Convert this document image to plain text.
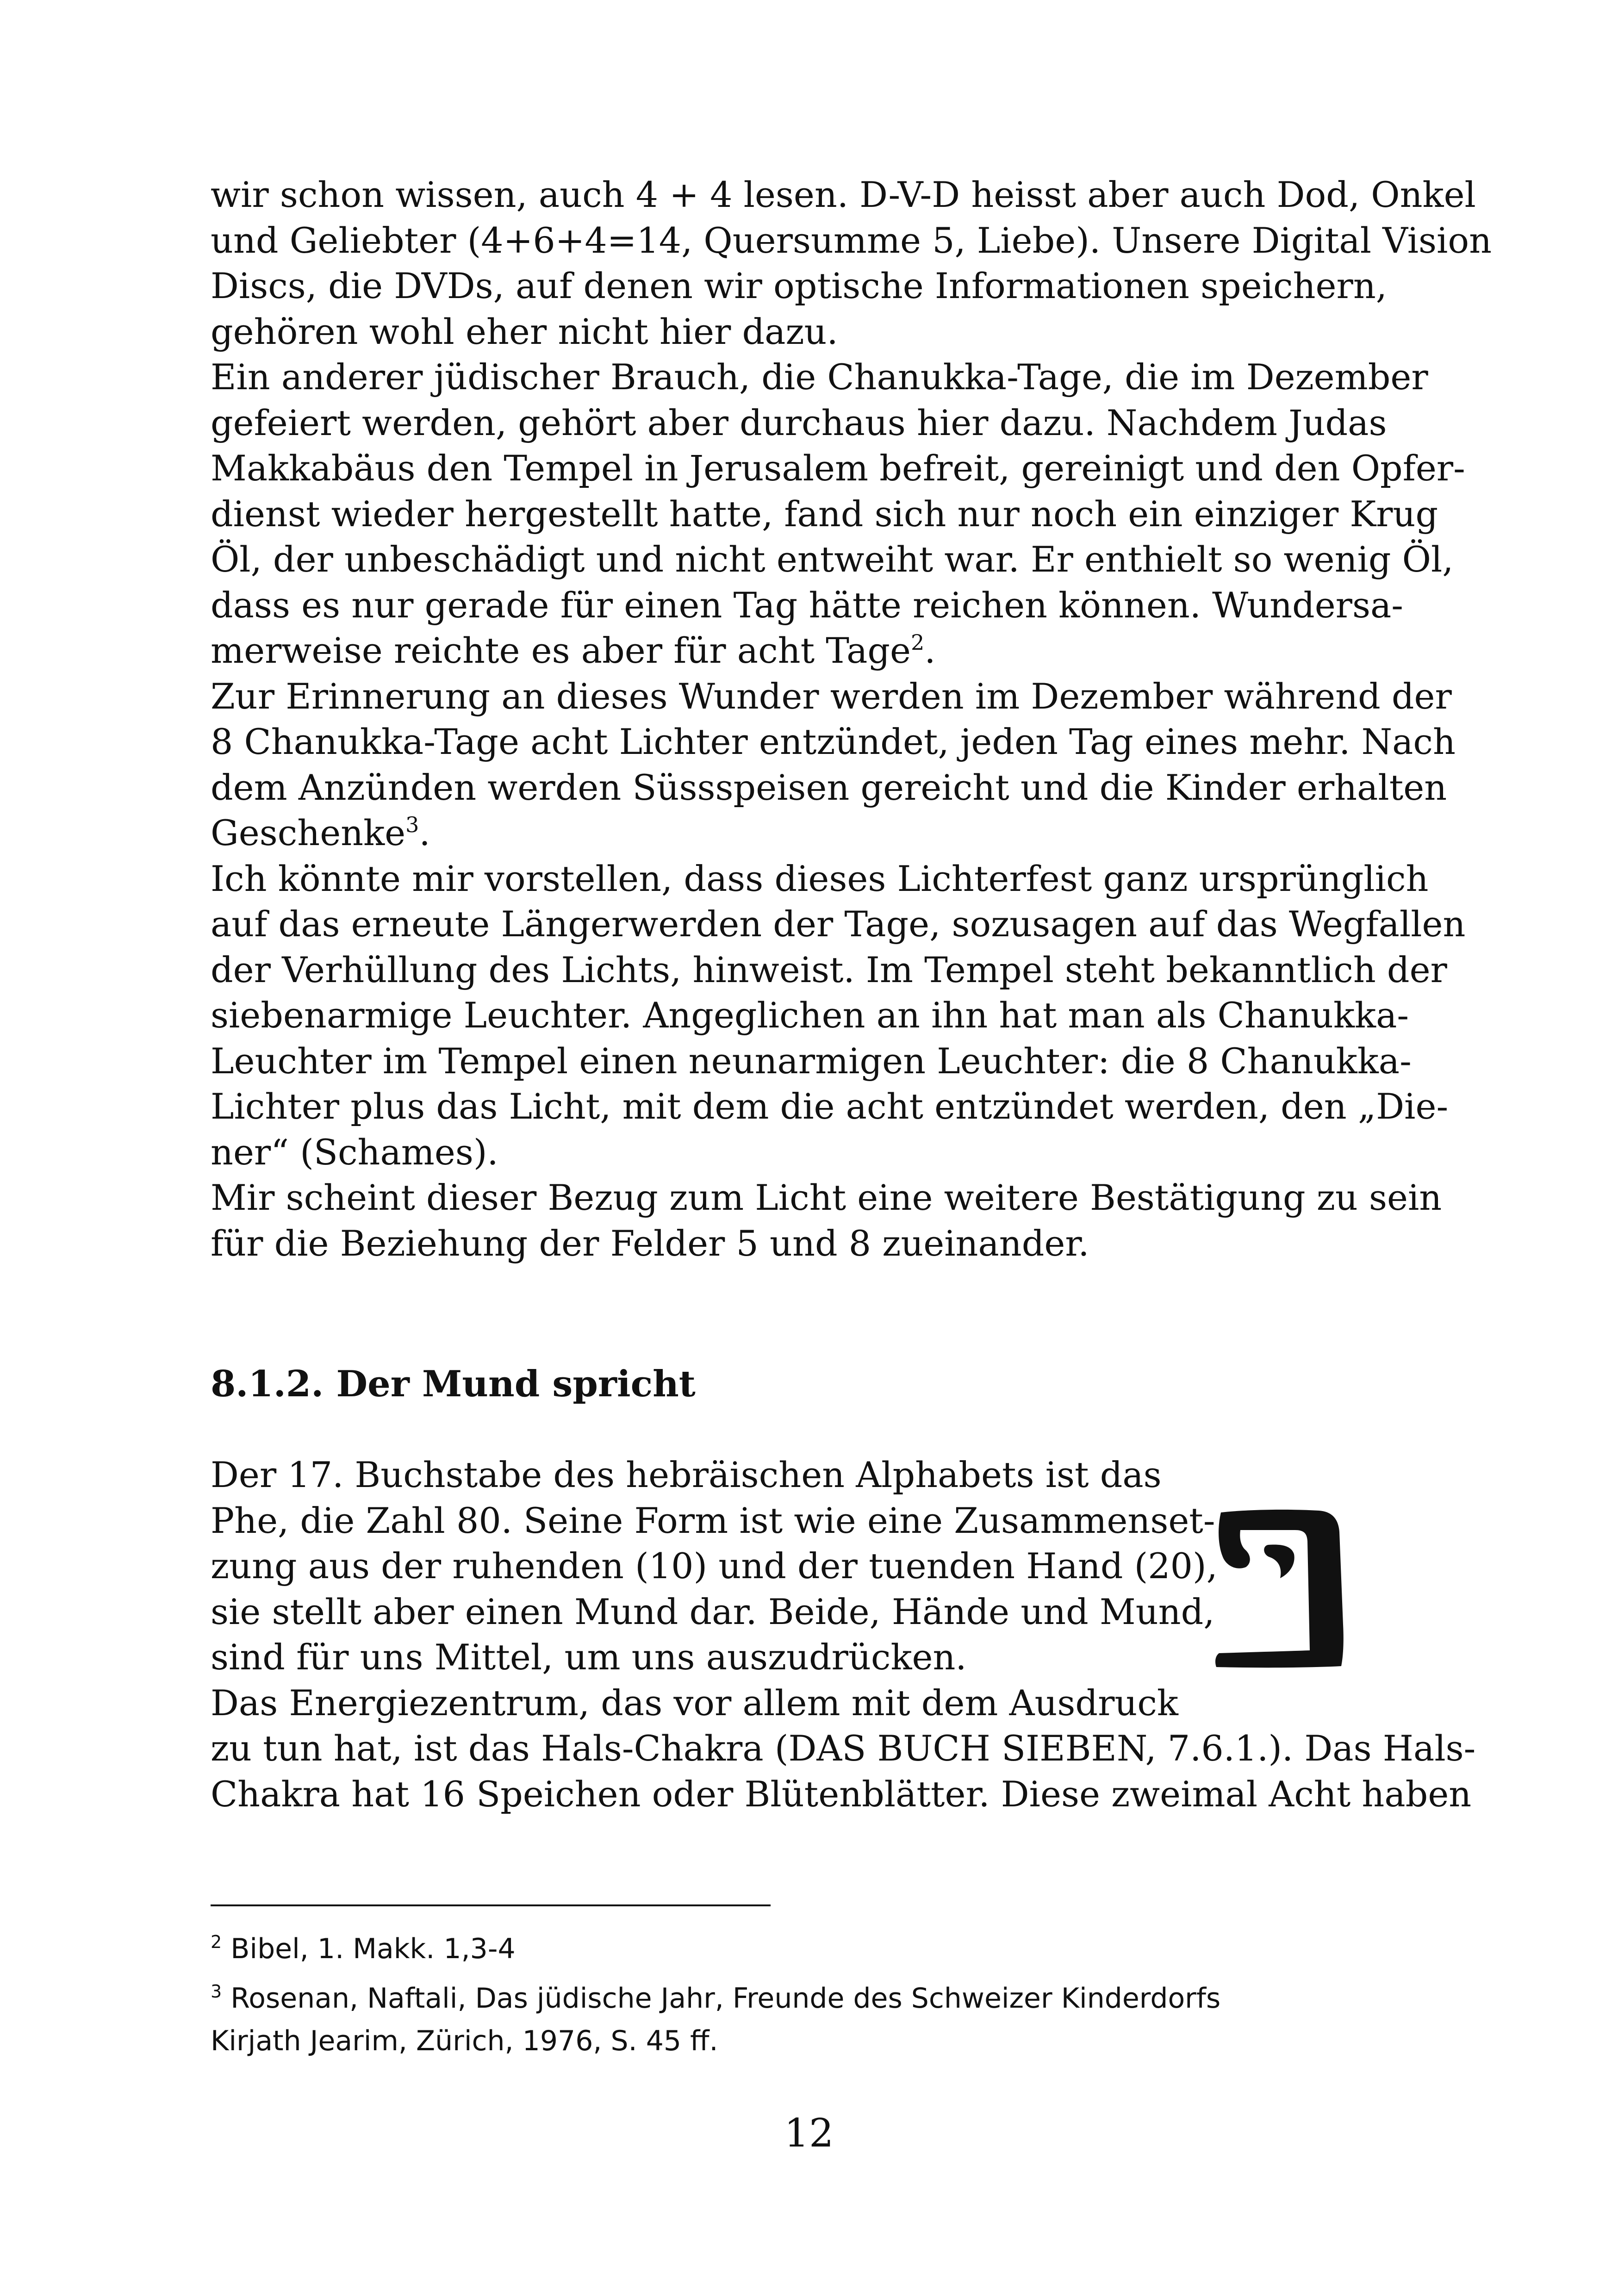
wir schon wissen, auch 4 + 4 lesen. D-V-D heisst aber auch Dod, Onkel
und Geliebter (4+6+4=14, Quersumme 5, Liebe). Unsere Digital Vision
Discs, die DVDs, auf denen wir optische Informationen speichern,
gehören wohl eher nicht hier dazu.

Ein anderer jüdischer Brauch, die Chanukka-Tage, die im Dezember
gefeiert werden, gehört aber durchaus hier dazu. Nachdem Judas
Makkabäus den Tempel in Jerusalem befreit, gereinigt und den Opfer-
dienst wieder hergestellt hatte, fand sich nur noch ein einziger Krug
Öl, der unbeschädigt und nicht entweiht war. Er enthielt so wenig Öl,
dass es nur gerade für einen Tag hätte reichen können. Wundersa-
merweise reichte es aber für acht Tage$^2$.

Zur Erinnerung an dieses Wunder werden im Dezember während der
8 Chanukka-Tage acht Lichter entzündet, jeden Tag eines mehr. Nach
dem Anzünden werden Süssspeisen gereicht und die Kinder erhalten
Geschenke$^3$.

Ich könnte mir vorstellen, dass dieses Lichterfest ganz ursprünglich
auf das erneute Längerwerden der Tage, sozusagen auf das Wegfallen
der Verhüllung des Lichts, hinweist. Im Tempel steht bekanntlich der
siebenarmige Leuchter. Angeglichen an ihn hat man als Chanukka-
Leuchter im Tempel einen neunarmigen Leuchter: die 8 Chanukka-
Lichter plus das Licht, mit dem die acht entzündet werden, den „Die-
ner“ (Schames).

Mir scheint dieser Bezug zum Licht eine weitere Bestätigung zu sein
für die Beziehung der Felder 5 und 8 zueinander.

8.1.2. Der Mund spricht
Der 17. Buchstabe des hebräischen Alphabets ist das
Phe, die Zahl 80. Seine Form ist wie eine Zusammenset-
zung aus der ruhenden (10) und der tuenden Hand (20),
sie stellt aber einen Mund dar. Beide, Hände und Mund,
sind für uns Mittel, um uns auszudrücken.
Das Energiezentrum, das vor allem mit dem Ausdruck
zu tun hat, ist das Hals-Chakra (DAS BUCH SIEBEN, 7.6.1.). Das Hals-
Chakra hat 16 Speichen oder Blütenblätter. Diese zweimal Acht haben
$^2$ Bibel, 1. Makk. 1,3-4
$^3$ Rosenan, Naftali, Das jüdische Jahr, Freunde des Schweizer Kinderdorfs
Kirjath Jearim, Zürich, 1976, S. 45 ff.
12
